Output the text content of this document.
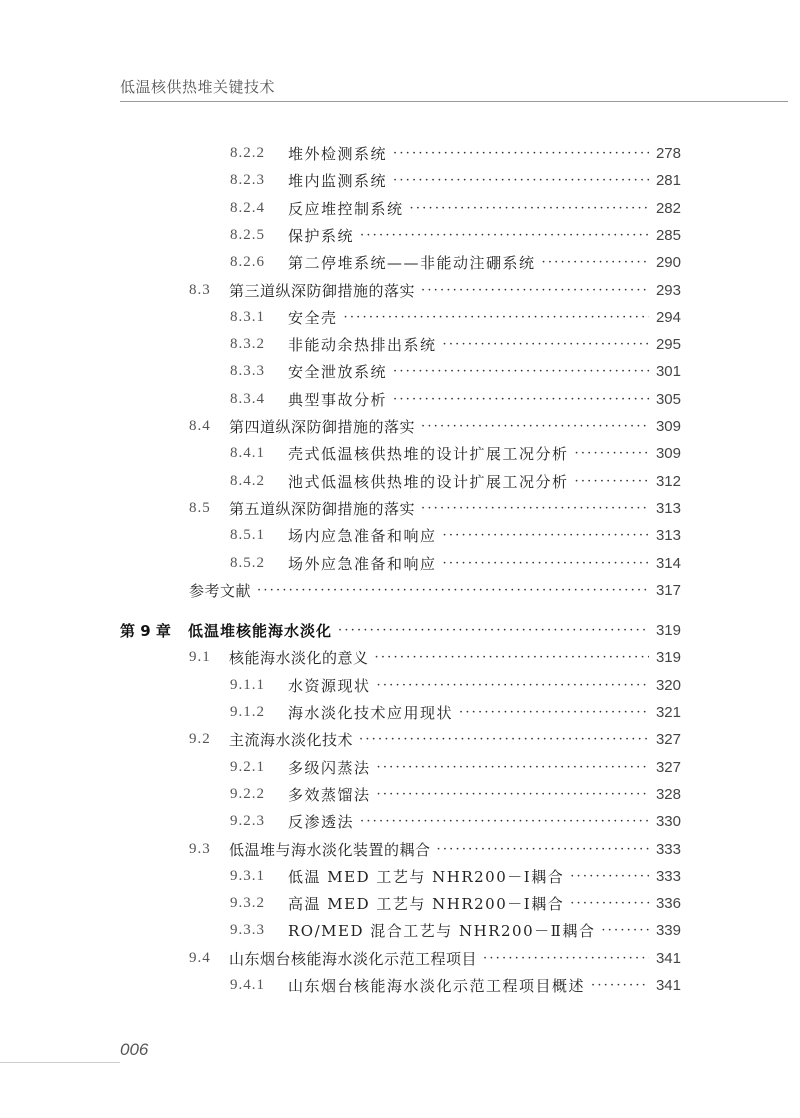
低温核供热堆关键技术
8.2.2	堆外检测系统 ·····	278
8.2.3	堆内监测系统 ·····	281
8.2.4	反应堆控制系统 ·····	282
8.2.5	保护系统 ·····	285
8.2.6	第二停堆系统——非能动注硼系统 ·····	290
8.3	第三道纵深防御措施的落实 ·····	293
8.3.1	安全壳 ·····	294
8.3.2	非能动余热排出系统 ·····	295
8.3.3	安全泄放系统 ·····	301
8.3.4	典型事故分析 ·····	305
8.4	第四道纵深防御措施的落实 ·····	309
8.4.1	壳式低温核供热堆的设计扩展工况分析 ·····	309
8.4.2	池式低温核供热堆的设计扩展工况分析 ·····	312
8.5	第五道纵深防御措施的落实 ·····	313
8.5.1	场内应急准备和响应 ·····	313
8.5.2	场外应急准备和响应 ·····	314
参考文献 ·····	317
第 9 章	低温堆核能海水淡化 ·····	319
9.1	核能海水淡化的意义 ·····	319
9.1.1	水资源现状 ·····	320
9.1.2	海水淡化技术应用现状 ·····	321
9.2	主流海水淡化技术 ·····	327
9.2.1	多级闪蒸法 ·····	327
9.2.2	多效蒸馏法 ·····	328
9.2.3	反渗透法 ·····	330
9.3	低温堆与海水淡化装置的耦合 ·····	333
9.3.1	低温 MED 工艺与 NHR200－Ⅰ耦合 ·····	333
9.3.2	高温 MED 工艺与 NHR200－Ⅰ耦合 ·····	336
9.3.3	RO/MED 混合工艺与 NHR200－Ⅱ耦合 ·····	339
9.4	山东烟台核能海水淡化示范工程项目 ·····	341
9.4.1	山东烟台核能海水淡化示范工程项目概述 ·····	341
006
